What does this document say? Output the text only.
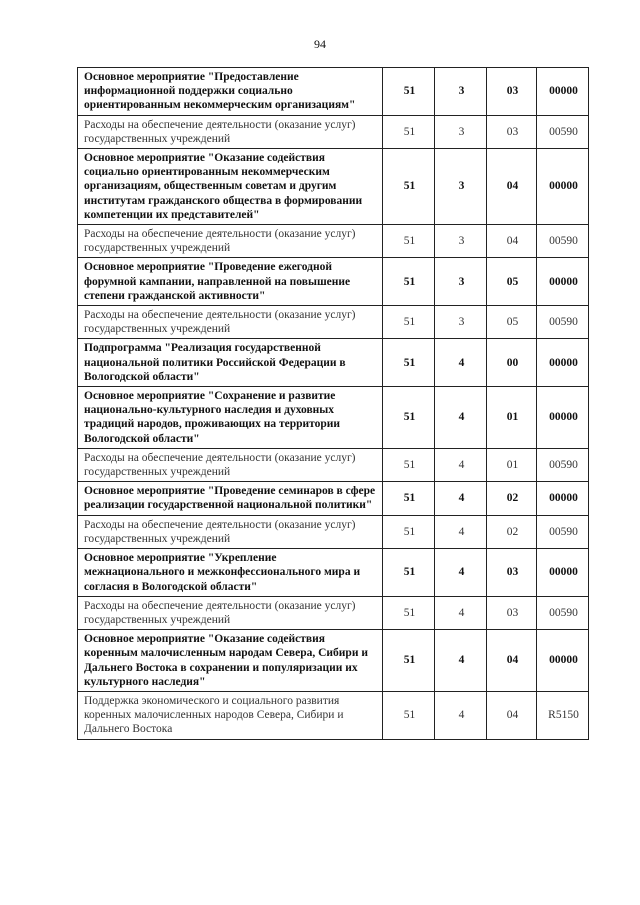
94
Основное мероприятие "Предоставление информационной поддержки социально ориентированным некоммерческим организациям"	51	3	03	00000
Расходы на обеспечение деятельности (оказание услуг) государственных учреждений	51	3	03	00590
Основное мероприятие "Оказание содействия социально ориентированным некоммерческим организациям, общественным советам и другим институтам гражданского общества в формировании компетенции их представителей"	51	3	04	00000
Расходы на обеспечение деятельности (оказание услуг) государственных учреждений	51	3	04	00590
Основное мероприятие "Проведение ежегодной форумной кампании, направленной на повышение степени гражданской активности"	51	3	05	00000
Расходы на обеспечение деятельности (оказание услуг) государственных учреждений	51	3	05	00590
Подпрограмма "Реализация государственной национальной политики Российской Федерации в Вологодской области"	51	4	00	00000
Основное мероприятие "Сохранение и развитие национально-культурного наследия и духовных традиций народов, проживающих на территории Вологодской области"	51	4	01	00000
Расходы на обеспечение деятельности (оказание услуг) государственных учреждений	51	4	01	00590
Основное мероприятие "Проведение семинаров в сфере реализации государственной национальной политики"	51	4	02	00000
Расходы на обеспечение деятельности (оказание услуг) государственных учреждений	51	4	02	00590
Основное мероприятие "Укрепление межнационального и межконфессионального мира и согласия в Вологодской области"	51	4	03	00000
Расходы на обеспечение деятельности (оказание услуг) государственных учреждений	51	4	03	00590
Основное мероприятие "Оказание содействия коренным малочисленным народам Севера, Сибири и Дальнего Востока в сохранении и популяризации их культурного наследия"	51	4	04	00000
Поддержка экономического и социального развития коренных малочисленных народов Севера, Сибири и Дальнего Востока	51	4	04	R5150
